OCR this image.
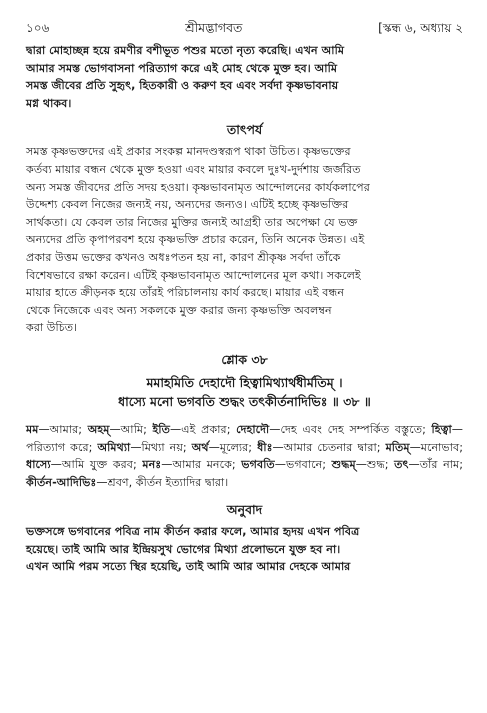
১০৬	শ্রীমদ্ভাগবত	[স্কন্ধ ৬, অধ্যায় ২

দ্বারা মোহাচ্ছন্ন হয়ে রমণীর বশীভূত পশুর মতো নৃত্য করেছি। এখন আমি
আমার সমস্ত ভোগবাসনা পরিত্যাগ করে এই মোহ থেকে মুক্ত হব। আমি
সমস্ত জীবের প্রতি সুহৃৎ, হিতকারী ও করুণ হব এবং সর্বদা কৃষ্ণভাবনায়
মগ্ন থাকব।

তাৎপর্য

সমস্ত কৃষ্ণভক্তদের এই প্রকার সংকল্প মানদণ্ডস্বরূপ থাকা উচিত। কৃষ্ণভক্তের
কর্তব্য মায়ার বন্ধন থেকে মুক্ত হওয়া এবং মায়ার কবলে দুঃখ-দুর্দশায় জর্জরিত
অন্য সমস্ত জীবদের প্রতি সদয় হওয়া। কৃষ্ণভাবনামৃত আন্দোলনের কার্যকলাপের
উদ্দেশ্য কেবল নিজের জন্যই নয়, অন্যদের জন্যও। এটিই হচ্ছে কৃষ্ণভক্তির
সার্থকতা। যে কেবল তার নিজের মুক্তির জন্যই আগ্রহী তার অপেক্ষা যে ভক্ত
অন্যদের প্রতি কৃপাপরবশ হয়ে কৃষ্ণভক্তি প্রচার করেন, তিনি অনেক উন্নত। এই
প্রকার উত্তম ভক্তের কখনও অধঃপতন হয় না, কারণ শ্রীকৃষ্ণ সর্বদা তাঁকে
বিশেষভাবে রক্ষা করেন। এটিই কৃষ্ণভাবনামৃত আন্দোলনের মূল কথা। সকলেই
মায়ার হাতে ক্রীড়নক হয়ে তাঁরই পরিচালনায় কার্য করছে। মায়ার এই বন্ধন
থেকে নিজেকে এবং অন্য সকলকে মুক্ত করার জন্য কৃষ্ণভক্তি অবলম্বন
করা উচিত।

শ্লোক ৩৮

মমাহমিতি দেহাদৌ হিত্বামিথ্যার্থধীর্মতিম্ ।
ধাস্যে মনো ভগবতি শুদ্ধং তৎকীর্তনাদিভিঃ ॥ ৩৮ ॥

মম—আমার; অহম্—আমি; ইতি—এই প্রকার; দেহাদৌ—দেহ এবং দেহ সম্পর্কিত বস্তুতে; হিত্বা—পরিত্যাগ করে; অমিথ্যা—মিথ্যা নয়; অর্থ—মূল্যের; ধীঃ—আমার চেতনার দ্বারা; মতিম্—মনোভাব; ধাস্যে—আমি যুক্ত করব; মনঃ—আমার মনকে; ভগবতি—ভগবানে; শুদ্ধম্—শুদ্ধ; তৎ—তাঁর নাম; কীর্তন-আদিভিঃ—শ্রবণ, কীর্তন ইত্যাদির দ্বারা।

অনুবাদ

ভক্তসঙ্গে ভগবানের পবিত্র নাম কীর্তন করার ফলে, আমার হৃদয় এখন পবিত্র
হয়েছে। তাই আমি আর ইন্দ্রিয়সুখ ভোগের মিথ্যা প্রলোভনে যুক্ত হব না।
এখন আমি পরম সত্যে স্থির হয়েছি, তাই আমি আর আমার দেহকে আমার
